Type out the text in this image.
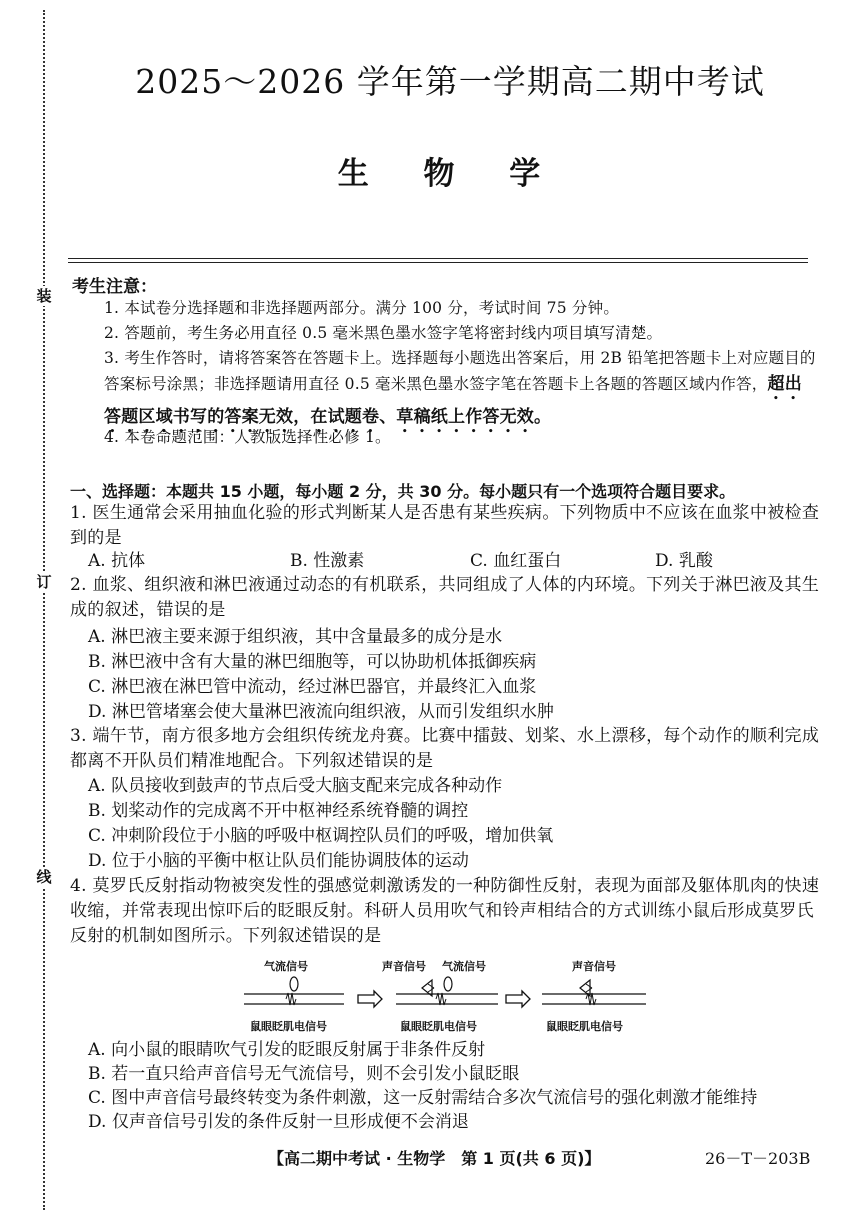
装
订
线
2025～2026 学年第一学期高二期中考试
生 物 学
考生注意：
1. 本试卷分选择题和非选择题两部分。满分 100 分，考试时间 75 分钟。
2. 答题前，考生务必用直径 0.5 毫米黑色墨水签字笔将密封线内项目填写清楚。
3. 考生作答时，请将答案答在答题卡上。选择题每小题选出答案后，用 2B 铅笔把答题卡上对应题目的答案标号涂黑；非选择题请用直径 0.5 毫米黑色墨水签字笔在答题卡上各题的答题区域内作答，超出答题区域书写的答案无效，在试题卷、草稿纸上作答无效。
4. 本卷命题范围：人教版选择性必修 1。
一、选择题：本题共 15 小题，每小题 2 分，共 30 分。每小题只有一个选项符合题目要求。
1. 医生通常会采用抽血化验的形式判断某人是否患有某些疾病。下列物质中不应该在血浆中被检查到的是
A. 抗体	B. 性激素	C. 血红蛋白	D. 乳酸
2. 血浆、组织液和淋巴液通过动态的有机联系，共同组成了人体的内环境。下列关于淋巴液及其生成的叙述，错误的是
A. 淋巴液主要来源于组织液，其中含量最多的成分是水
B. 淋巴液中含有大量的淋巴细胞等，可以协助机体抵御疾病
C. 淋巴液在淋巴管中流动，经过淋巴器官，并最终汇入血浆
D. 淋巴管堵塞会使大量淋巴液流向组织液，从而引发组织水肿
3. 端午节，南方很多地方会组织传统龙舟赛。比赛中擂鼓、划桨、水上漂移，每个动作的顺利完成都离不开队员们精准地配合。下列叙述错误的是
A. 队员接收到鼓声的节点后受大脑支配来完成各种动作
B. 划桨动作的完成离不开中枢神经系统脊髓的调控
C. 冲刺阶段位于小脑的呼吸中枢调控队员们的呼吸，增加供氧
D. 位于小脑的平衡中枢让队员们能协调肢体的运动
4. 莫罗氏反射指动物被突发性的强感觉刺激诱发的一种防御性反射，表现为面部及躯体肌肉的快速收缩，并常表现出惊吓后的眨眼反射。科研人员用吹气和铃声相结合的方式训练小鼠后形成莫罗氏反射的机制如图所示。下列叙述错误的是
气流信号
鼠眼眨肌电信号
声音信号 气流信号
鼠眼眨肌电信号
声音信号
鼠眼眨肌电信号
A. 向小鼠的眼睛吹气引发的眨眼反射属于非条件反射
B. 若一直只给声音信号无气流信号，则不会引发小鼠眨眼
C. 图中声音信号最终转变为条件刺激，这一反射需结合多次气流信号的强化刺激才能维持
D. 仅声音信号引发的条件反射一旦形成便不会消退
【高二期中考试 · 生物学　第 1 页(共 6 页)】	26－T－203B
